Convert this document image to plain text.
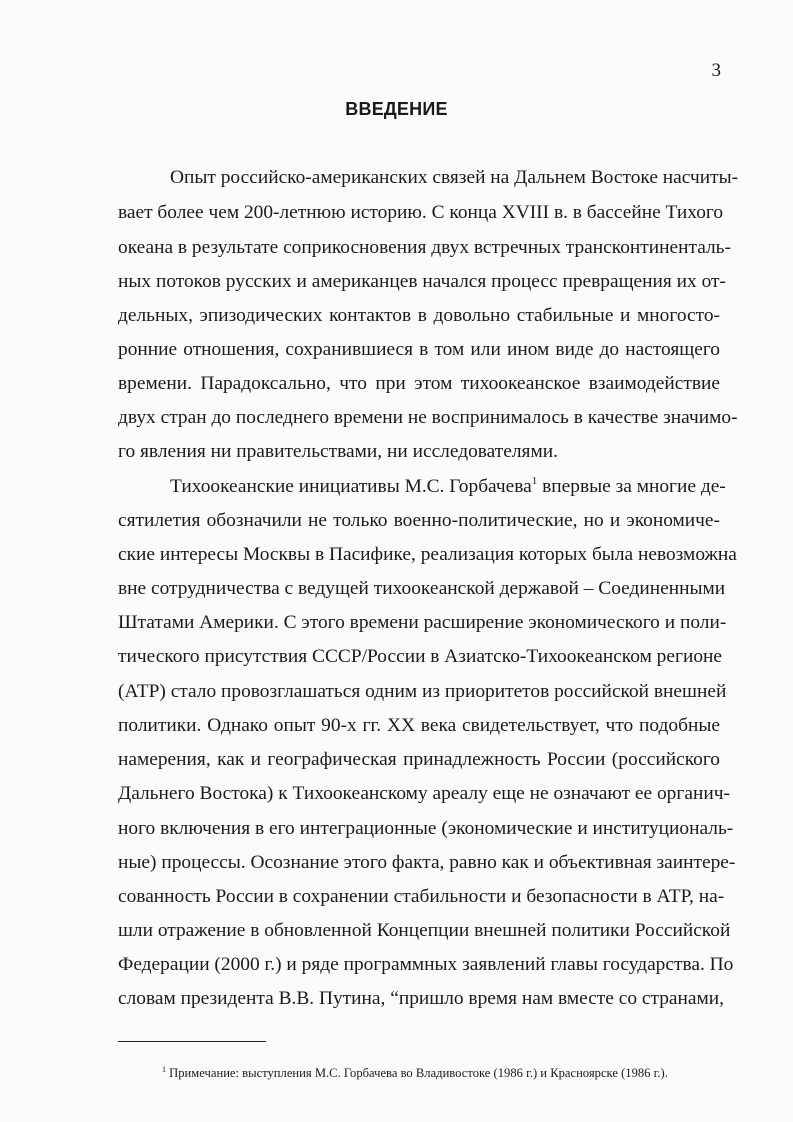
3
ВВЕДЕНИЕ
Опыт российско-американских связей на Дальнем Востоке насчиты-
вает более чем 200-летнюю историю. С конца XVIII в. в бассейне Тихого
океана в результате соприкосновения двух встречных трансконтиненталь-
ных потоков русских и американцев начался процесс превращения их от-
дельных, эпизодических контактов в довольно стабильные и многосто-
ронние отношения, сохранившиеся в том или ином виде до настоящего
времени. Парадоксально, что при этом тихоокеанское взаимодействие
двух стран до последнего времени не воспринималось в качестве значимо-
го явления ни правительствами, ни исследователями.
Тихоокеанские инициативы М.С. Горбачева$^1$ впервые за многие де-
сятилетия обозначили не только военно-политические, но и экономиче-
ские интересы Москвы в Пасифике, реализация которых была невозможна
вне сотрудничества с ведущей тихоокеанской державой – Соединенными
Штатами Америки. С этого времени расширение экономического и поли-
тического присутствия СССР/России в Азиатско-Тихоокеанском регионе
(АТР) стало провозглашаться одним из приоритетов российской внешней
политики. Однако опыт 90-х гг. XX века свидетельствует, что подобные
намерения, как и географическая принадлежность России (российского
Дальнего Востока) к Тихоокеанскому ареалу еще не означают ее органич-
ного включения в его интеграционные (экономические и институциональ-
ные) процессы. Осознание этого факта, равно как и объективная заинтере-
сованность России в сохранении стабильности и безопасности в АТР, на-
шли отражение в обновленной Концепции внешней политики Российской
Федерации (2000 г.) и ряде программных заявлений главы государства. По
словам президента В.В. Путина, “пришло время нам вместе со странами,
$^1$ Примечание: выступления М.С. Горбачева во Владивостоке (1986 г.) и Красноярске (1986 г.).
